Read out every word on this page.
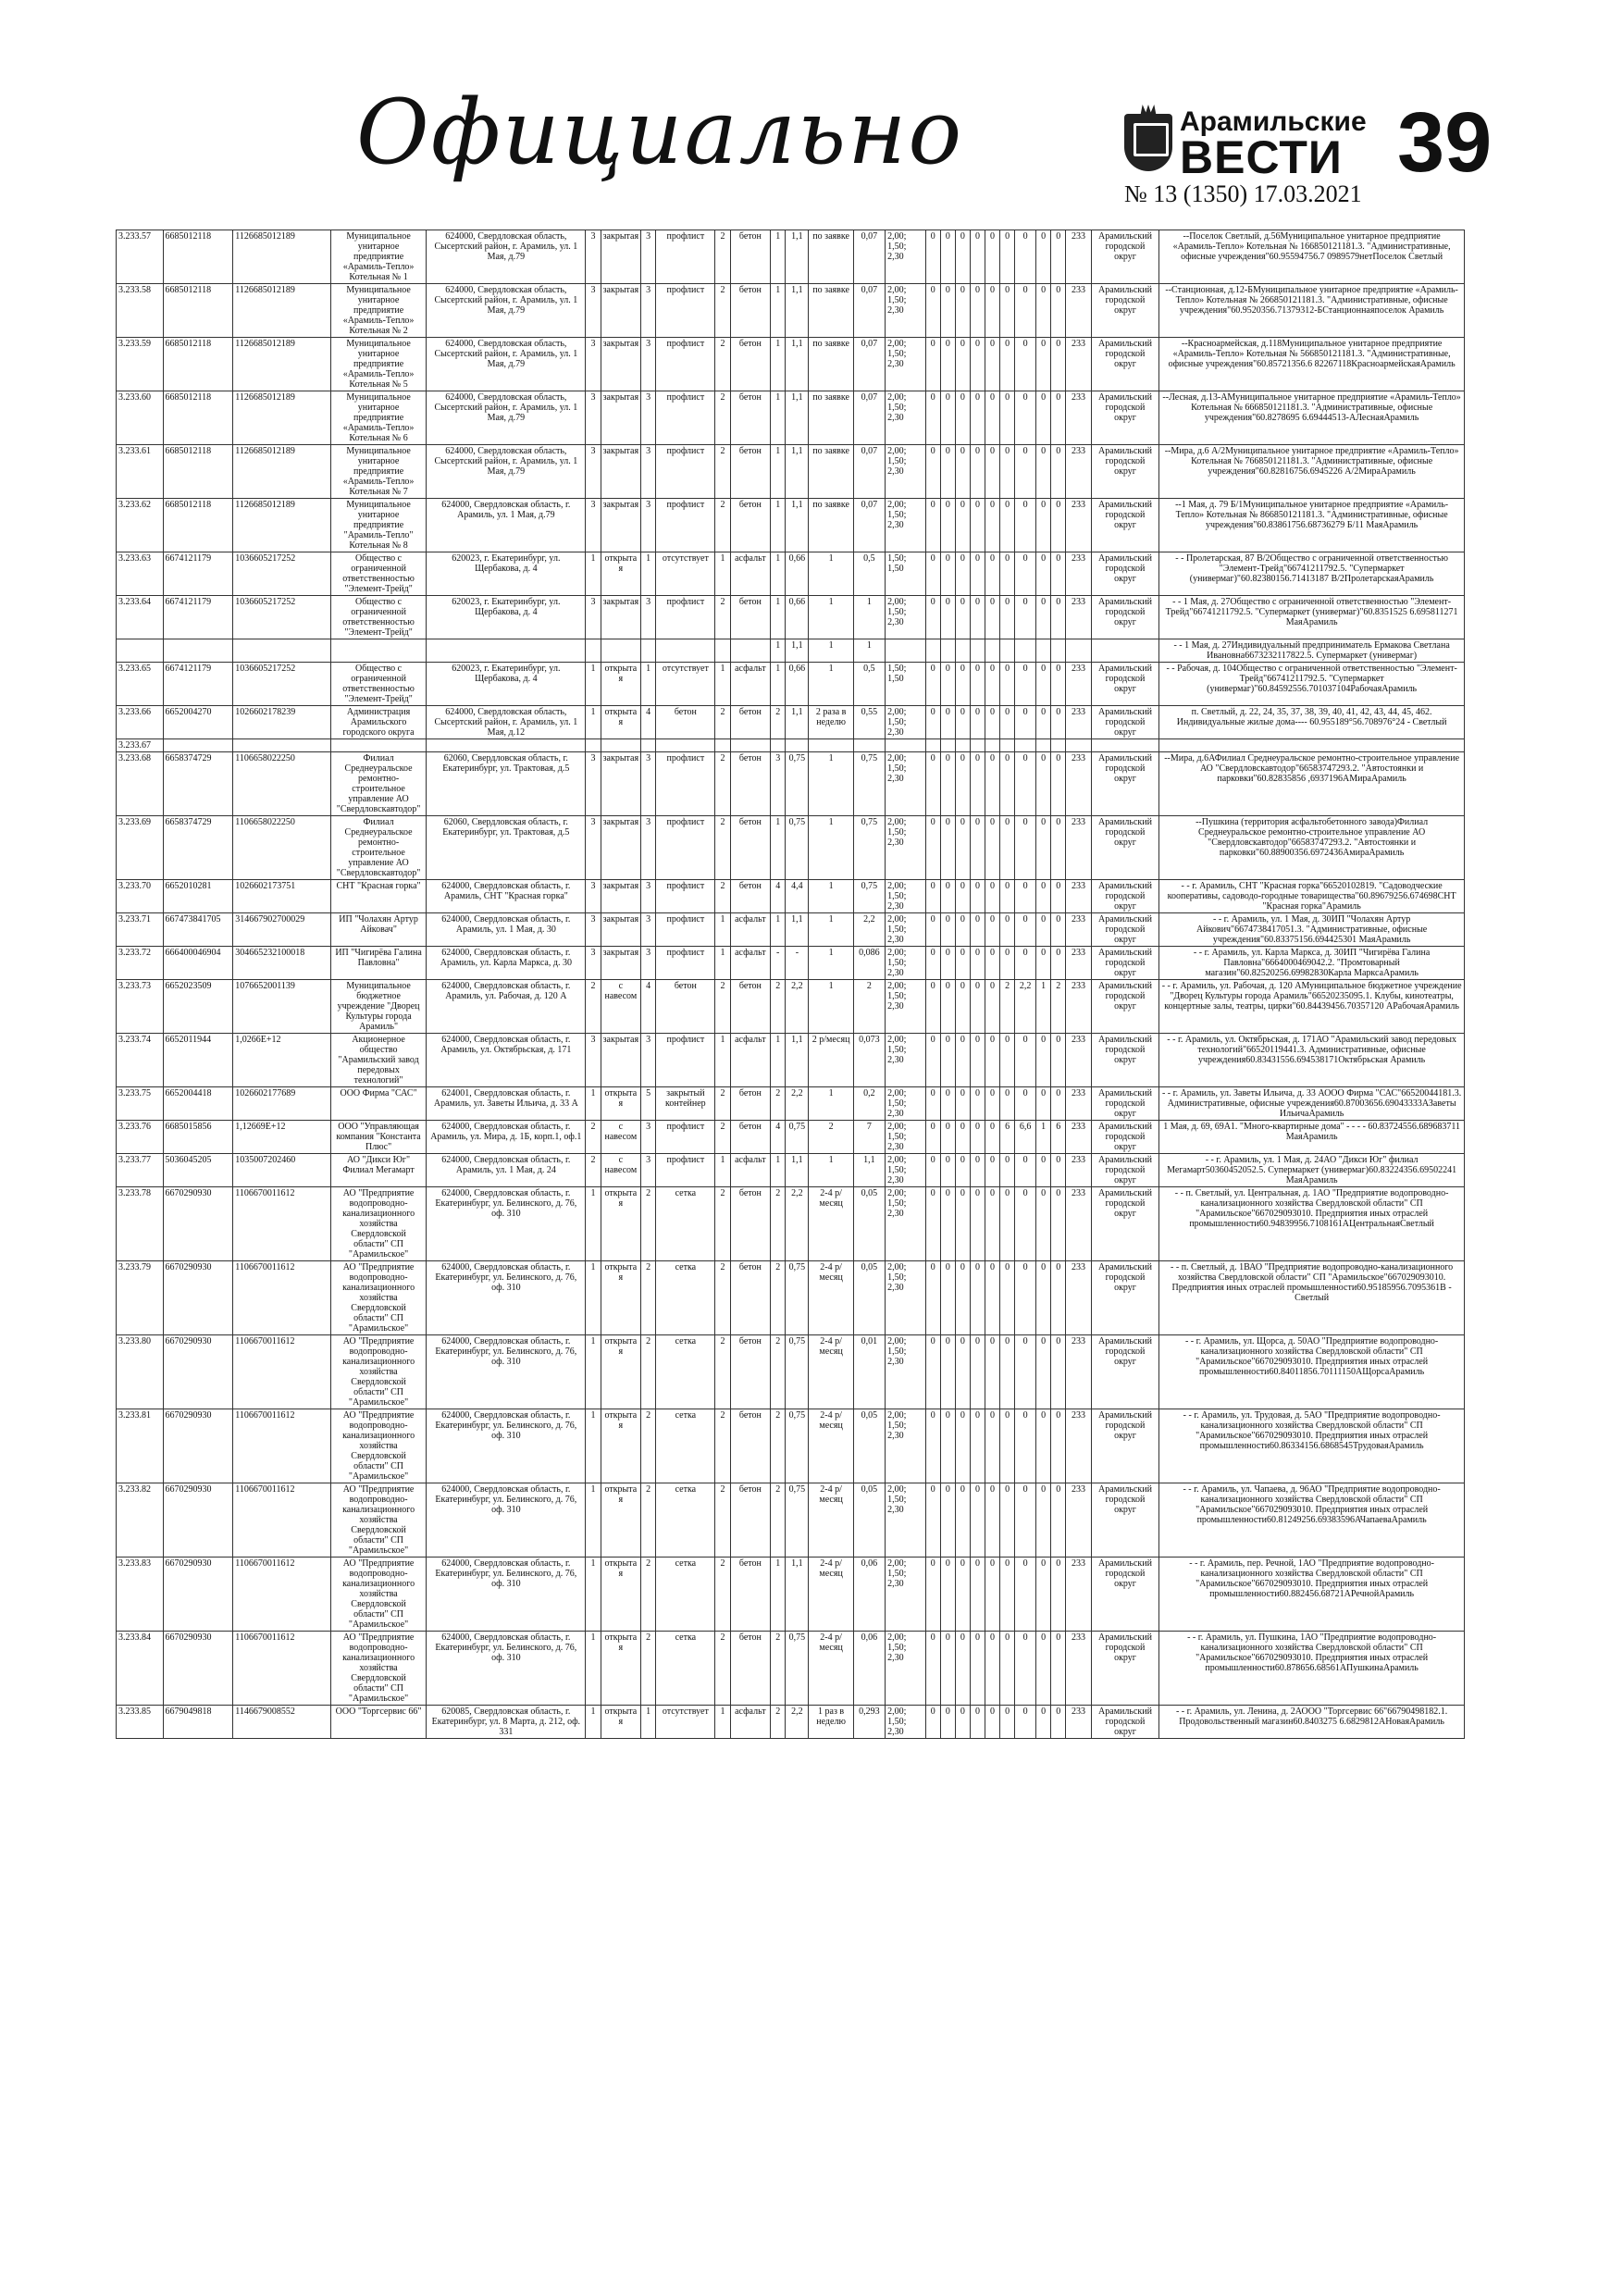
Официально	Арамильские
ВЕСТИ
№ 13 (1350) 17.03.2021
39
3.233.57	6685012118	1126685012189	Муниципальное унитарное предприятие «Арамиль-Тепло» Котельная № 1	624000, Свердловская область, Сысертский район, г. Арамиль, ул. 1 Мая, д.79	3	закрытая	3	профлист	2	бетон	1	1,1	по заявке	0,07	2,00; 1,50; 2,30	0	0	0	0	0	0	0	0	0	233	Арамильский городской округ	--Поселок Светлый, д.56Муниципальное унитарное предприятие «Арамиль-Тепло» Котельная № 166850121181.3. "Административные, офисные учреждения"60.95594756.7 0989579нетПоселок Светлый
3.233.58	6685012118	1126685012189	Муниципальное унитарное предприятие «Арамиль-Тепло» Котельная № 2	624000, Свердловская область, Сысертский район, г. Арамиль, ул. 1 Мая, д.79	3	закрытая	3	профлист	2	бетон	1	1,1	по заявке	0,07	2,00; 1,50; 2,30	0	0	0	0	0	0	0	0	0	233	Арамильский городской округ	--Станционная, д.12-БМуниципальное унитарное предприятие «Арамиль-Тепло» Котельная № 266850121181.3. "Административные, офисные учреждения"60.9520356.71379312-БСтанционнаяпоселок Арамиль
3.233.59	6685012118	1126685012189	Муниципальное унитарное предприятие «Арамиль-Тепло» Котельная № 5	624000, Свердловская область, Сысертский район, г. Арамиль, ул. 1 Мая, д.79	3	закрытая	3	профлист	2	бетон	1	1,1	по заявке	0,07	2,00; 1,50; 2,30	0	0	0	0	0	0	0	0	0	233	Арамильский городской округ	--Красноармейская, д.118Муниципальное унитарное предприятие «Арамиль-Тепло» Котельная № 566850121181.3. "Административные, офисные учреждения"60.85721356.6 82267118КрасноармейскаяАрамиль
3.233.60	6685012118	1126685012189	Муниципальное унитарное предприятие «Арамиль-Тепло» Котельная № 6	624000, Свердловская область, Сысертский район, г. Арамиль, ул. 1 Мая, д.79	3	закрытая	3	профлист	2	бетон	1	1,1	по заявке	0,07	2,00; 1,50; 2,30	0	0	0	0	0	0	0	0	0	233	Арамильский городской округ	--Лесная, д.13-АМуниципальное унитарное предприятие «Арамиль-Тепло» Котельная № 666850121181.3. "Административные, офисные учреждения"60.8278695 6.69444513-АЛеснаяАрамиль
3.233.61	6685012118	1126685012189	Муниципальное унитарное предприятие «Арамиль-Тепло» Котельная № 7	624000, Свердловская область, Сысертский район, г. Арамиль, ул. 1 Мая, д.79	3	закрытая	3	профлист	2	бетон	1	1,1	по заявке	0,07	2,00; 1,50; 2,30	0	0	0	0	0	0	0	0	0	233	Арамильский городской округ	--Мира, д.6 А/2Муниципальное унитарное предприятие «Арамиль-Тепло» Котельная № 766850121181.3. "Административные, офисные учреждения"60.82816756.6945226 А/2МираАрамиль
3.233.62	6685012118	1126685012189	Муниципальное унитарное предприятие "Арамиль-Тепло" Котельная № 8	624000, Свердловская область, г. Арамиль, ул. 1 Мая, д.79	3	закрытая	3	профлист	2	бетон	1	1,1	по заявке	0,07	2,00; 1,50; 2,30	0	0	0	0	0	0	0	0	0	233	Арамильский городской округ	--1 Мая, д. 79 Б/1Муниципальное унитарное предприятие «Арамиль-Тепло» Котельная № 866850121181.3. "Административные, офисные учреждения"60.83861756.68736279 Б/11 МаяАрамиль
3.233.63	6674121179	1036605217252	Общество с ограниченной ответственностью "Элемент-Трейд"	620023, г. Екатеринбург, ул. Щербакова, д. 4	1	открытая	1	отсутствует	1	асфальт	1	0,66	1	0,5	1,50; 1,50	0	0	0	0	0	0	0	0	0	233	Арамильский городской округ	- - Пролетарская, 87 В/2Общество с ограниченной ответственностью "Элемент-Трейд"66741211792.5. "Супермаркет (универмаг)"60.82380156.71413187 В/2ПролетарскаяАрамиль
3.233.64	6674121179	1036605217252	Общество с ограниченной ответственностью "Элемент-Трейд"	620023, г. Екатеринбург, ул. Щербакова, д. 4	3	закрытая	3	профлист	2	бетон	1	0,66	1	1	2,00; 1,50; 2,30	0	0	0	0	0	0	0	0	0	233	Арамильский городской округ	- - 1 Мая, д. 27Общество с ограниченной ответственностью "Элемент-Трейд"66741211792.5. "Супермаркет (универмаг)"60.8351525 6.695811271 МаяАрамиль
											1	1,1	1	1													- - 1 Мая, д. 27Индивидуальный предприниматель Ермакова Светлана Ивановна6673232117822.5. Супермаркет (универмаг)
3.233.65	6674121179	1036605217252	Общество с ограниченной ответственностью "Элемент-Трейд"	620023, г. Екатеринбург, ул. Щербакова, д. 4	1	открытая	1	отсутствует	1	асфальт	1	0,66	1	0,5	1,50; 1,50	0	0	0	0	0	0	0	0	0	233	Арамильский городской округ	- - Рабочая, д. 104Общество с ограниченной ответственностью "Элемент-Трейд"66741211792.5. "Супермаркет (универмаг)"60.84592556.701037104РабочаяАрамиль
3.233.66	6652004270	1026602178239	Администрация Арамильского городского округа	624000, Свердловская область, Сысертский район, г. Арамиль, ул. 1 Мая, д.12	1	открытая	4	бетон	2	бетон	2	1,1	2 раза в неделю	0,55	2,00; 1,50; 2,30	0	0	0	0	0	0	0	0	0	233	Арамильский городской округ	п. Светлый, д. 22, 24, 35, 37, 38, 39, 40, 41, 42, 43, 44, 45, 462. Индивидуальные жилые дома---- 60.955189°56.708976°24 - Светлый
3.233.67																											
3.233.68	6658374729	1106658022250	Филиал Среднеуральское ремонтно-строительное управление АО "Свердловскавтодор"	62060, Свердловская область, г. Екатеринбург, ул. Трактовая, д.5	3	закрытая	3	профлист	2	бетон	3	0,75	1	0,75	2,00; 1,50; 2,30	0	0	0	0	0	0	0	0	0	233	Арамильский городской округ	--Мира, д.6АФилиал Среднеуральское ремонтно-строительное управление АО "Свердловскавтодор"66583747293.2. "Автостоянки и парковки"60.82835856 ,6937196АМираАрамиль
3.233.69	6658374729	1106658022250	Филиал Среднеуральское ремонтно-строительное управление АО "Свердловскавтодор"	62060, Свердловская область, г. Екатеринбург, ул. Трактовая, д.5	3	закрытая	3	профлист	2	бетон	1	0,75	1	0,75	2,00; 1,50; 2,30	0	0	0	0	0	0	0	0	0	233	Арамильский городской округ	--Пушкина (территория асфальтобетонного завода)Филиал Среднеуральское ремонтно-строительное управление АО "Свердловскавтодор"66583747293.2. "Автостоянки и парковки"60.88900356.6972436АмираАрамиль
3.233.70	6652010281	1026602173751	СНТ "Красная горка"	624000, Свердловская область, г. Арамиль, СНТ "Красная горка"	3	закрытая	3	профлист	2	бетон	4	4,4	1	0,75	2,00; 1,50; 2,30	0	0	0	0	0	0	0	0	0	233	Арамильский городской округ	- - г. Арамиль, СНТ "Красная горка"66520102819. "Садоводческие кооперативы, садоводо-городные товарищества"60.89679256.674698СНТ "Красная горка"Арамиль
3.233.71	667473841705	314667902700029	ИП "Чолахян Артур Айковач"	624000, Свердловская область, г. Арамиль, ул. 1 Мая, д. 30	3	закрытая	3	профлист	1	асфальт	1	1,1	1	2,2	2,00; 1,50; 2,30	0	0	0	0	0	0	0	0	0	233	Арамильский городской округ	- - г. Арамиль, ул. 1 Мая, д. 30ИП "Чолахян Артур Айкович"6674738417051.3. "Административные, офисные учреждения"60.83375156.694425301 МаяАрамиль
3.233.72	666400046904	304665232100018	ИП "Чигирёва Галина Павловна"	624000, Свердловская область, г. Арамиль, ул. Карла Маркса, д. 30	3	закрытая	3	профлист	1	асфальт	-	-	1	0,086	2,00; 1,50; 2,30	0	0	0	0	0	0	0	0	0	233	Арамильский городской округ	- - г. Арамиль, ул. Карла Маркса, д. 30ИП "Чигирёва Галина Павловна"6664000469042.2. "Промтоварный магазин"60.82520256.69982830Карла МарксаАрамиль
3.233.73	6652023509	1076652001139	Муниципальное бюджетное учреждение "Дворец Культуры города Арамиль"	624000, Свердловская область, г. Арамиль, ул. Рабочая, д. 120 А	2	с навесом	4	бетон	2	бетон	2	2,2	1	2	2,00; 1,50; 2,30	0	0	0	0	0	2	2,2	1	2	233	Арамильский городской округ	- - г. Арамиль, ул. Рабочая, д. 120 АМуниципальное бюджетное учреждение "Дворец Культуры города Арамиль"66520235095.1. Клубы, кинотеатры, концертные залы, театры, цирки"60.84439456.70357120 АРабочаяАрамиль
3.233.74	6652011944	1,0266E+12	Акционерное общество "Арамильский завод передовых технологий"	624000, Свердловская область, г. Арамиль, ул. Октябрьская, д. 171	3	закрытая	3	профлист	1	асфальт	1	1,1	2 р/месяц	0,073	2,00; 1,50; 2,30	0	0	0	0	0	0	0	0	0	233	Арамильский городской округ	- - г. Арамиль, ул. Октябрьская, д. 171АО "Арамильский завод передовых технологий"66520119441.3. Административные, офисные учреждения60.83431556.694538171Октябрьская Арамиль
3.233.75	6652004418	1026602177689	ООО Фирма "САС"	624001, Свердловская область, г. Арамиль, ул. Заветы Ильича, д. 33 А	1	открытая	5	закрытый контейнер	2	бетон	2	2,2	1	0,2	2,00; 1,50; 2,30	0	0	0	0	0	0	0	0	0	233	Арамильский городской округ	- - г. Арамиль, ул. Заветы Ильича, д. 33 АООО Фирма "САС"66520044181.3. Административные, офисные учреждения60.87003656.69043333АЗаветы ИльичаАрамиль
3.233.76	6685015856	1,12669E+12	ООО "Управляющая компания "Константа Плюс"	624000, Свердловская область, г. Арамиль, ул. Мира, д. 1Б, корп.1, оф.1	2	с навесом	3	профлист	2	бетон	4	0,75	2	7	2,00; 1,50; 2,30	0	0	0	0	0	6	6,6	1	6	233	Арамильский городской округ	1 Мая, д. 69, 69А1. "Много-квартирные дома" - - - - 60.83724556.689683711 МаяАрамиль
3.233.77	5036045205	1035007202460	АО "Дикси Юг" Филиал Мегамарт	624000, Свердловская область, г. Арамиль, ул. 1 Мая, д. 24	2	с навесом	3	профлист	1	асфальт	1	1,1	1	1,1	2,00; 1,50; 2,30	0	0	0	0	0	0	0	0	0	233	Арамильский городской округ	- - г. Арамиль, ул. 1 Мая, д. 24АО "Дикси Юг" филиал Мегамарт50360452052.5. Супермаркет (универмаг)60.83224356.69502241 МаяАрамиль
3.233.78	6670290930	1106670011612	АО "Предприятие водопроводно-канализационного хозяйства Свердловской области" СП "Арамильское"	624000, Свердловская область, г. Екатеринбург, ул. Белинского, д. 76, оф. 310	1	открытая	2	сетка	2	бетон	2	2,2	2-4 р/месяц	0,05	2,00; 1,50; 2,30	0	0	0	0	0	0	0	0	0	233	Арамильский городской округ	- - п. Светлый, ул. Центральная, д. 1АО "Предприятие водопроводно-канализационного хозяйства Свердловской области" СП "Арамильское"667029093010. Предприятия иных отраслей промышленности60.94839956.7108161АЦентральнаяСветлый
3.233.79	6670290930	1106670011612	АО "Предприятие водопроводно-канализационного хозяйства Свердловской области" СП "Арамильское"	624000, Свердловская область, г. Екатеринбург, ул. Белинского, д. 76, оф. 310	1	открытая	2	сетка	2	бетон	2	0,75	2-4 р/месяц	0,05	2,00; 1,50; 2,30	0	0	0	0	0	0	0	0	0	233	Арамильский городской округ	- - п. Светлый, д. 1ВАО "Предприятие водопроводно-канализационного хозяйства Свердловской области" СП "Арамильское"667029093010. Предприятия иных отраслей промышленности60.95185956.7095361В - Светлый
3.233.80	6670290930	1106670011612	АО "Предприятие водопроводно-канализационного хозяйства Свердловской области" СП "Арамильское"	624000, Свердловская область, г. Екатеринбург, ул. Белинского, д. 76, оф. 310	1	открытая	2	сетка	2	бетон	2	0,75	2-4 р/месяц	0,01	2,00; 1,50; 2,30	0	0	0	0	0	0	0	0	0	233	Арамильский городской округ	- - г. Арамиль, ул. Щорса, д. 50АО "Предприятие водопроводно-канализационного хозяйства Свердловской области" СП "Арамильское"667029093010. Предприятия иных отраслей промышленности60.84011856.70111150АЩорсаАрамиль
3.233.81	6670290930	1106670011612	АО "Предприятие водопроводно-канализационного хозяйства Свердловской области" СП "Арамильское"	624000, Свердловская область, г. Екатеринбург, ул. Белинского, д. 76, оф. 310	1	открытая	2	сетка	2	бетон	2	0,75	2-4 р/месяц	0,05	2,00; 1,50; 2,30	0	0	0	0	0	0	0	0	0	233	Арамильский городской округ	- - г. Арамиль, ул. Трудовая, д. 5АО "Предприятие водопроводно-канализационного хозяйства Свердловской области" СП "Арамильское"667029093010. Предприятия иных отраслей промышленности60.86334156.6868545ТрудоваяАрамиль
3.233.82	6670290930	1106670011612	АО "Предприятие водопроводно-канализационного хозяйства Свердловской области" СП "Арамильское"	624000, Свердловская область, г. Екатеринбург, ул. Белинского, д. 76, оф. 310	1	открытая	2	сетка	2	бетон	2	0,75	2-4 р/месяц	0,05	2,00; 1,50; 2,30	0	0	0	0	0	0	0	0	0	233	Арамильский городской округ	- - г. Арамиль, ул. Чапаева, д. 96АО "Предприятие водопроводно-канализационного хозяйства Свердловской области" СП "Арамильское"667029093010. Предприятия иных отраслей промышленности60.81249256.69383596АЧапаеваАрамиль
3.233.83	6670290930	1106670011612	АО "Предприятие водопроводно-канализационного хозяйства Свердловской области" СП "Арамильское"	624000, Свердловская область, г. Екатеринбург, ул. Белинского, д. 76, оф. 310	1	открытая	2	сетка	2	бетон	1	1,1	2-4 р/месяц	0,06	2,00; 1,50; 2,30	0	0	0	0	0	0	0	0	0	233	Арамильский городской округ	- - г. Арамиль, пер. Речной, 1АО "Предприятие водопроводно-канализационного хозяйства Свердловской области" СП "Арамильское"667029093010. Предприятия иных отраслей промышленности60.882456.68721АРечнойАрамиль
3.233.84	6670290930	1106670011612	АО "Предприятие водопроводно-канализационного хозяйства Свердловской области" СП "Арамильское"	624000, Свердловская область, г. Екатеринбург, ул. Белинского, д. 76, оф. 310	1	открытая	2	сетка	2	бетон	2	0,75	2-4 р/месяц	0,06	2,00; 1,50; 2,30	0	0	0	0	0	0	0	0	0	233	Арамильский городской округ	- - г. Арамиль, ул. Пушкина, 1АО "Предприятие водопроводно-канализационного хозяйства Свердловской области" СП "Арамильское"667029093010. Предприятия иных отраслей промышленности60.878656.68561АПушкинаАрамиль
3.233.85	6679049818	1146679008552	ООО "Торгсервис 66"	620085, Свердловская область, г. Екатеринбург, ул. 8 Марта, д. 212, оф. 331	1	открытая	1	отсутствует	1	асфальт	2	2,2	1 раз в неделю	0,293	2,00; 1,50; 2,30	0	0	0	0	0	0	0	0	0	233	Арамильский городской округ	- - г. Арамиль, ул. Ленина, д. 2АООО "Торгсервис 66"66790498182.1. Продовольственный магазин60.8403275 6.6829812АНоваяАрамиль
